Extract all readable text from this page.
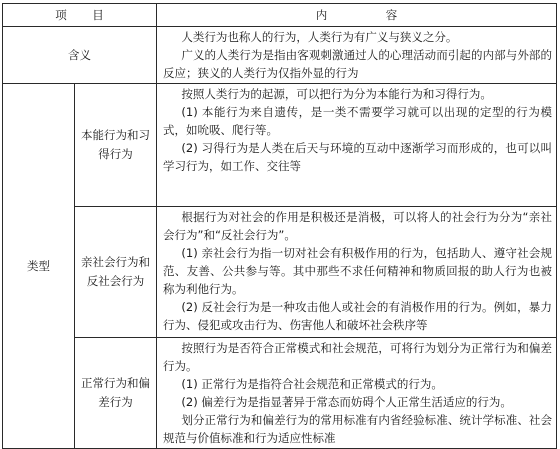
项       目		内                容
含义		人类行为也称人的行为，人类行为有广义与狭义之分。
广义的人类行为是指由客观刺激通过人的心理活动而引起的内部与外部的反应；狭义的人类行为仅指外显的行为

类型	本能行为和习得行为	按照人类行为的起源，可以把行为分为本能行为和习得行为。
(1) 本能行为来自遗传，是一类不需要学习就可以出现的定型的行为模式，如吮吸、爬行等。
(2) 习得行为是人类在后天与环境的互动中逐渐学习而形成的，也可以叫学习行为，如工作、交往等

	亲社会行为和反社会行为	根据行为对社会的作用是积极还是消极，可以将人的社会行为分为“亲社会行为”和“反社会行为”。
(1) 亲社会行为指一切对社会有积极作用的行为，包括助人、遵守社会规范、友善、公共参与等。其中那些不求任何精神和物质回报的助人行为也被称为利他行为。
(2) 反社会行为是一种攻击他人或社会的有消极作用的行为。例如，暴力行为、侵犯或攻击行为、伤害他人和破坏社会秩序等

	正常行为和偏差行为	按照行为是否符合正常模式和社会规范，可将行为划分为正常行为和偏差行为。
(1) 正常行为是指符合社会规范和正常模式的行为。
(2) 偏差行为是指显著异于常态而妨碍个人正常生活适应的行为。
划分正常行为和偏差行为的常用标准有内省经验标准、统计学标准、社会规范与价值标准和行为适应性标准
